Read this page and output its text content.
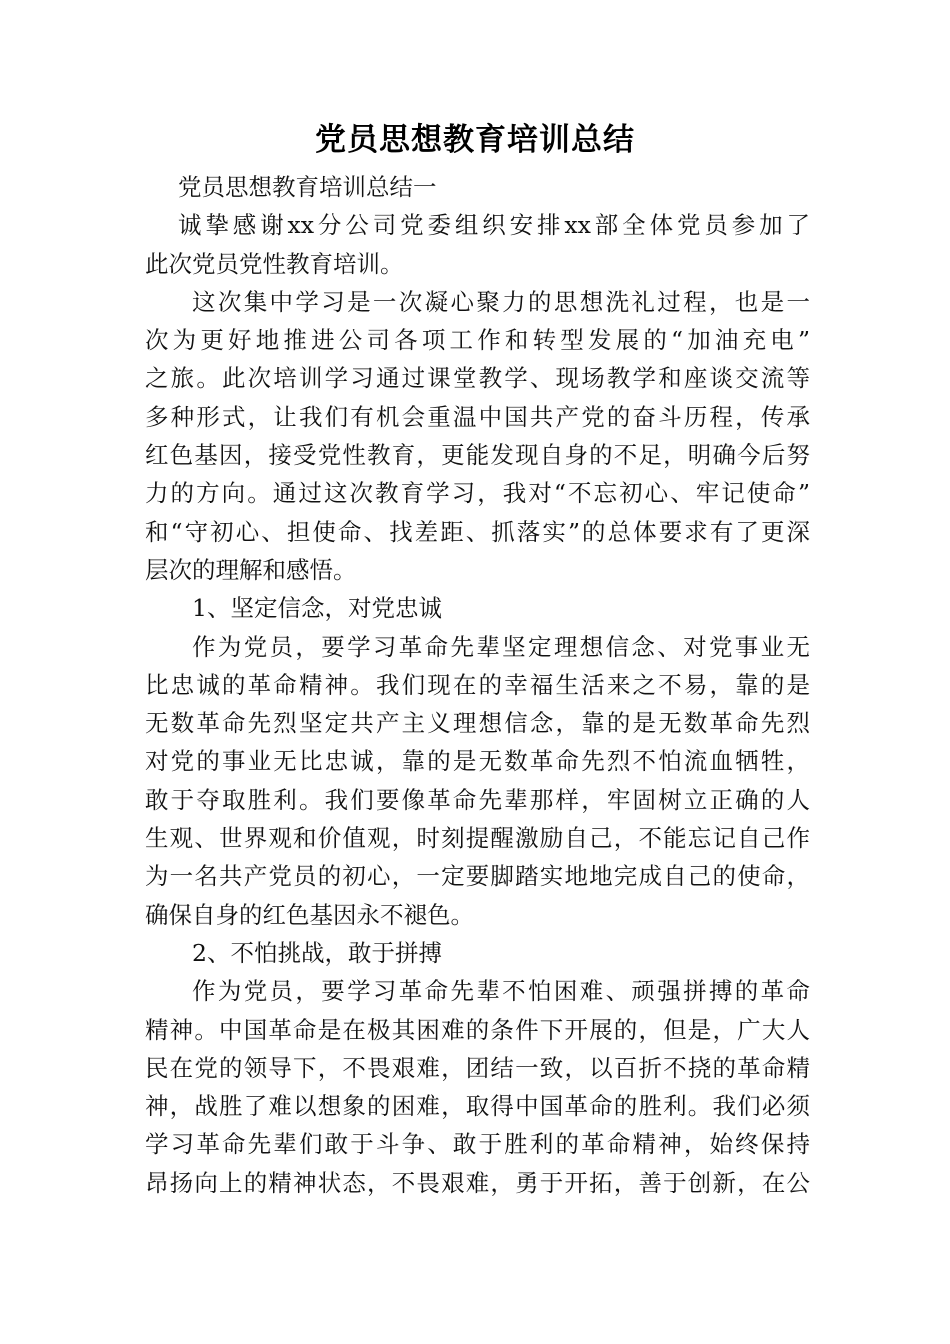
党员思想教育培训总结
党员思想教育培训总结一
诚挚感谢xx分公司党委组织安排xx部全体党员参加了
此次党员党性教育培训。
这次集中学习是一次凝心聚力的思想洗礼过程，也是一
次为更好地推进公司各项工作和转型发展的“加油充电”
之旅。此次培训学习通过课堂教学、现场教学和座谈交流等
多种形式，让我们有机会重温中国共产党的奋斗历程，传承
红色基因，接受党性教育，更能发现自身的不足，明确今后努
力的方向。通过这次教育学习，我对“不忘初心、牢记使命”
和“守初心、担使命、找差距、抓落实”的总体要求有了更深
层次的理解和感悟。
1、坚定信念，对党忠诚
作为党员，要学习革命先辈坚定理想信念、对党事业无
比忠诚的革命精神。我们现在的幸福生活来之不易，靠的是
无数革命先烈坚定共产主义理想信念，靠的是无数革命先烈
对党的事业无比忠诚，靠的是无数革命先烈不怕流血牺牲，
敢于夺取胜利。我们要像革命先辈那样，牢固树立正确的人
生观、世界观和价值观，时刻提醒激励自己，不能忘记自己作
为一名共产党员的初心，一定要脚踏实地地完成自己的使命，
确保自身的红色基因永不褪色。
2、不怕挑战，敢于拼搏
作为党员，要学习革命先辈不怕困难、顽强拼搏的革命
精神。中国革命是在极其困难的条件下开展的，但是，广大人
民在党的领导下，不畏艰难，团结一致，以百折不挠的革命精
神，战胜了难以想象的困难，取得中国革命的胜利。我们必须
学习革命先辈们敢于斗争、敢于胜利的革命精神，始终保持
昂扬向上的精神状态，不畏艰难，勇于开拓，善于创新，在公
